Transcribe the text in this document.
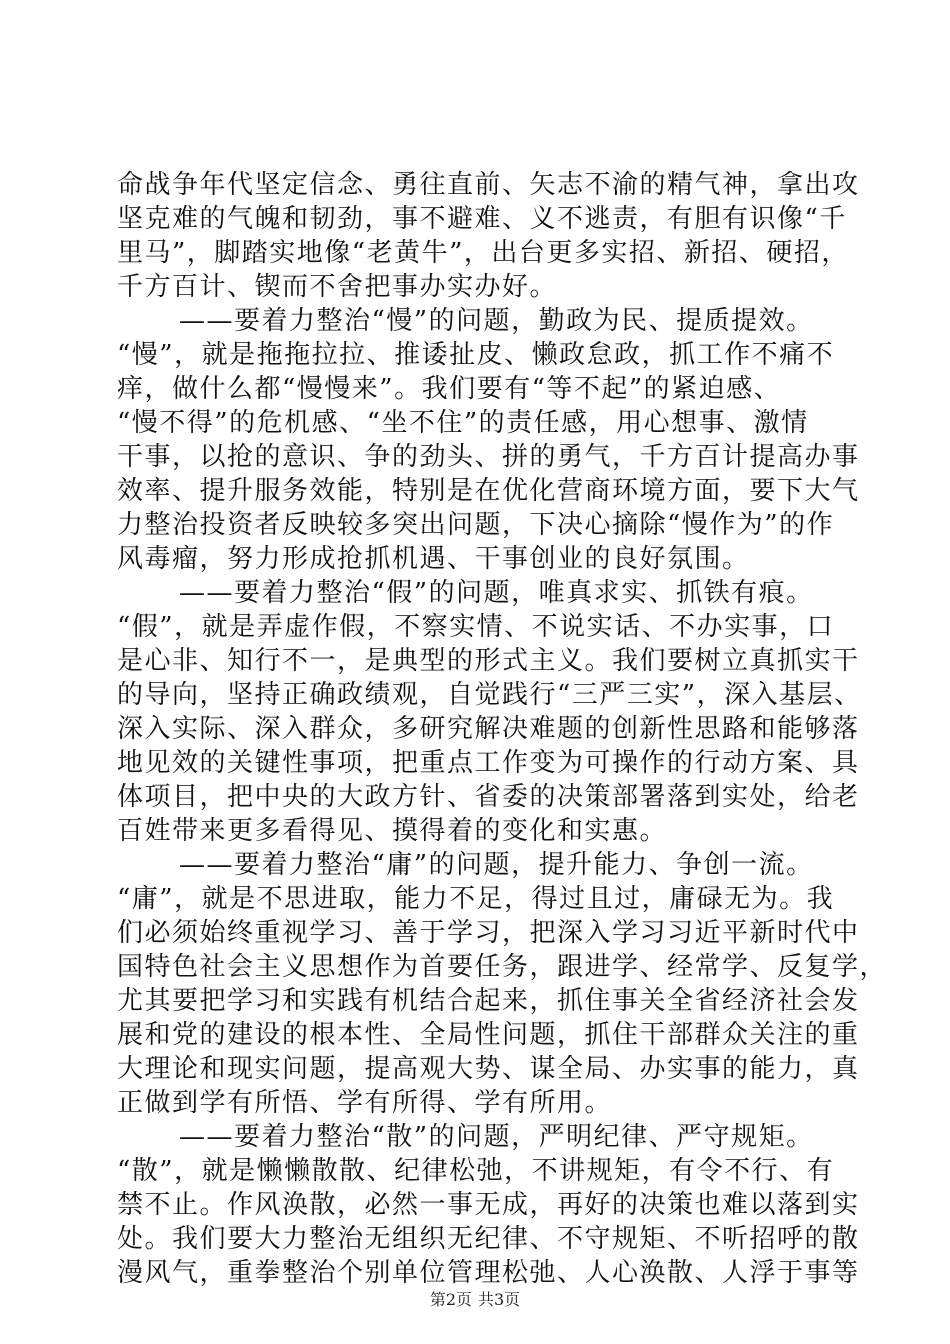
命战争年代坚定信念、勇往直前、矢志不渝的精气神，拿出攻
坚克难的气魄和韧劲，事不避难、义不逃责，有胆有识像“千
里马”，脚踏实地像“老黄牛”，出台更多实招、新招、硬招，
千方百计、锲而不舍把事办实办好。
——要着力整治“慢”的问题，勤政为民、提质提效。
“慢”，就是拖拖拉拉、推诿扯皮、懒政怠政，抓工作不痛不
痒，做什么都“慢慢来”。我们要有“等不起”的紧迫感、
“慢不得”的危机感、“坐不住”的责任感，用心想事、激情
干事，以抢的意识、争的劲头、拼的勇气，千方百计提高办事
效率、提升服务效能，特别是在优化营商环境方面，要下大气
力整治投资者反映较多突出问题，下决心摘除“慢作为”的作
风毒瘤，努力形成抢抓机遇、干事创业的良好氛围。
——要着力整治“假”的问题，唯真求实、抓铁有痕。
“假”，就是弄虚作假，不察实情、不说实话、不办实事，口
是心非、知行不一，是典型的形式主义。我们要树立真抓实干
的导向，坚持正确政绩观，自觉践行“三严三实”，深入基层、
深入实际、深入群众，多研究解决难题的创新性思路和能够落
地见效的关键性事项，把重点工作变为可操作的行动方案、具
体项目，把中央的大政方针、省委的决策部署落到实处，给老
百姓带来更多看得见、摸得着的变化和实惠。
——要着力整治“庸”的问题，提升能力、争创一流。
“庸”，就是不思进取，能力不足，得过且过，庸碌无为。我
们必须始终重视学习、善于学习，把深入学习习近平新时代中
国特色社会主义思想作为首要任务，跟进学、经常学、反复学，
尤其要把学习和实践有机结合起来，抓住事关全省经济社会发
展和党的建设的根本性、全局性问题，抓住干部群众关注的重
大理论和现实问题，提高观大势、谋全局、办实事的能力，真
正做到学有所悟、学有所得、学有所用。
——要着力整治“散”的问题，严明纪律、严守规矩。
“散”，就是懒懒散散、纪律松弛，不讲规矩，有令不行、有
禁不止。作风涣散，必然一事无成，再好的决策也难以落到实
处。我们要大力整治无组织无纪律、不守规矩、不听招呼的散
漫风气，重拳整治个别单位管理松弛、人心涣散、人浮于事等
第2页 共3页
